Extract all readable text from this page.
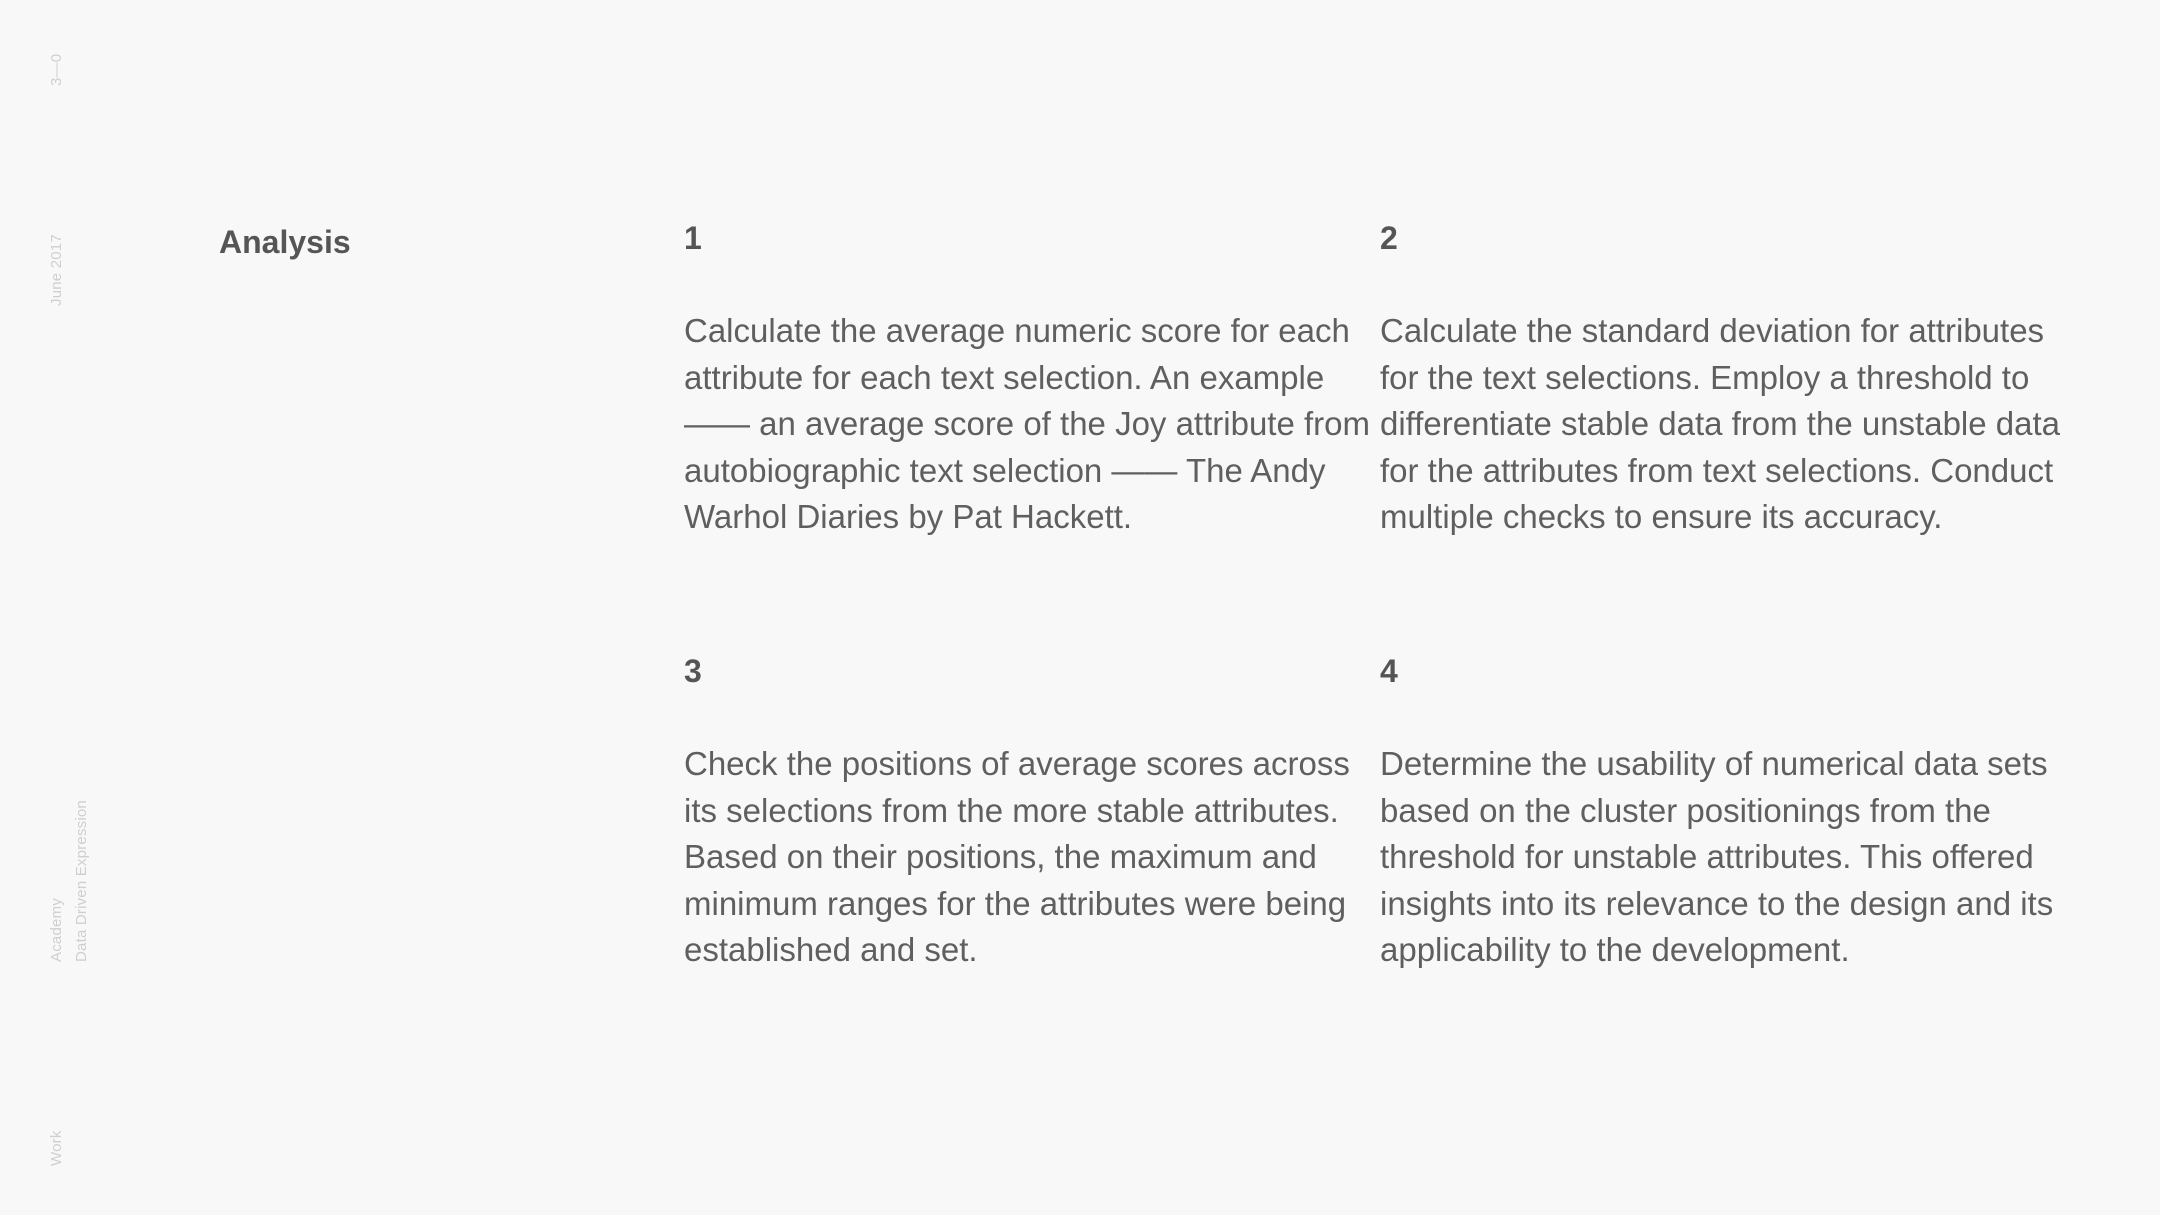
3—0
June 2017
Academy Data Driven Expression
Work
Analysis	1
Calculate the average numeric score for each attribute for each text selection. An example —— an average score of the Joy attribute from autobiographic text selection —— The Andy Warhol Diaries by Pat Hackett.
2
Calculate the standard deviation for attributes for the text selections. Employ a threshold to differentiate stable data from the unstable data for the attributes from text selections. Conduct multiple checks to ensure its accuracy.
3
Check the positions of average scores across its selections from the more stable attributes. Based on their positions, the maximum and minimum ranges for the attributes were being established and set.
4
Determine the usability of numerical data sets based on the cluster positionings from the threshold for unstable attributes. This offered insights into its relevance to the design and its applicability to the development.
